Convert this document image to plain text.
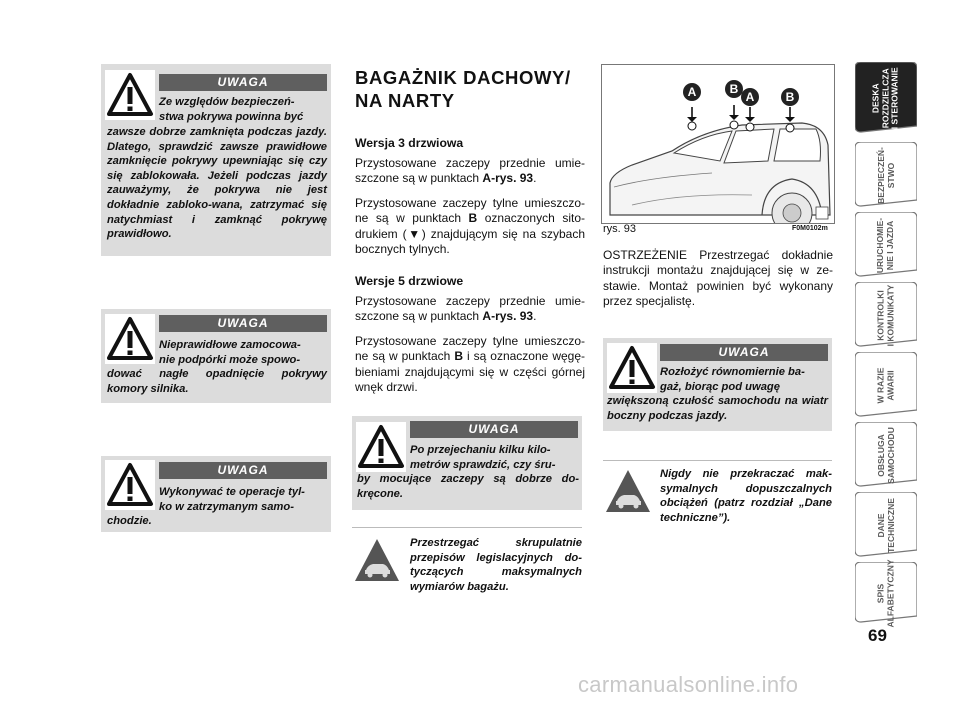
UWAGA
Ze względów bezpieczeń-
stwa pokrywa powinna być
zawsze dobrze zamknięta podczas jazdy. Dlatego, sprawdzić zawsze prawidłowe zamknięcie pokrywy upewniając się czy się zablokowała. Jeżeli podczas jazdy zauważymy, że pokrywa nie jest dokładnie zabloko-wana, zatrzymać się natychmiast i zamknąć pokrywę prawidłowo.
UWAGA
Nieprawidłowe zamocowa-
nie podpórki może spowo-
dować nagłe opadnięcie pokrywy komory silnika.
UWAGA
Wykonywać te operacje tyl-
ko w zatrzymanym samo-
chodzie.
BAGAŻNIK DACHOWY/
NA NARTY
Wersja 3 drzwiowa
Przystosowane zaczepy przednie umie-szczone są w punktach A-rys. 93.
Przystosowane zaczepy tylne umieszczo-ne są w punktach B oznaczonych sito-drukiem (▼) znajdującym się na szybach bocznych tylnych.
Wersje 5 drzwiowe
Przystosowane zaczepy przednie umie-szczone są w punktach A-rys. 93.
Przystosowane zaczepy tylne umieszczo-ne są w punktach B i są oznaczone węgę-bieniami znajdującymi się w części górnej wnęk drzwi.
UWAGA
Po przejechaniu kilku kilo-
metrów sprawdzić, czy śru-
by mocujące zaczepy są dobrze do-kręcone.
Przestrzegać skrupulatnie przepisów legislacyjnych do-tyczących maksymalnych wymiarów bagażu.
A	B
A	B
rys. 93	F0M0102m
OSTRZEŻENIE Przestrzegać dokładnie instrukcji montażu znajdującej się w ze-stawie. Montaż powinien być wykonany przez specjalistę.
UWAGA
Rozłożyć równomiernie ba-
gaż, biorąc pod uwagę
zwiększoną czułość samochodu na wiatr boczny podczas jazdy.
Nigdy nie przekraczać mak-symalnych dopuszczalnych obciążeń (patrz rozdział „Dane techniczne”).
DESKA
ROZDZIELCZA
I STEROWANIE
BEZPIECZEŃ-
STWO
URUCHOMIE-
NIE I JAZDA
KONTROLKI
I KOMUNIKATY
W RAZIE
AWARII
OBSŁUGA
SAMOCHODU
DANE
TECHNICZNE
SPIS
ALFABETYCZNY
69
carmanualsonline.info
